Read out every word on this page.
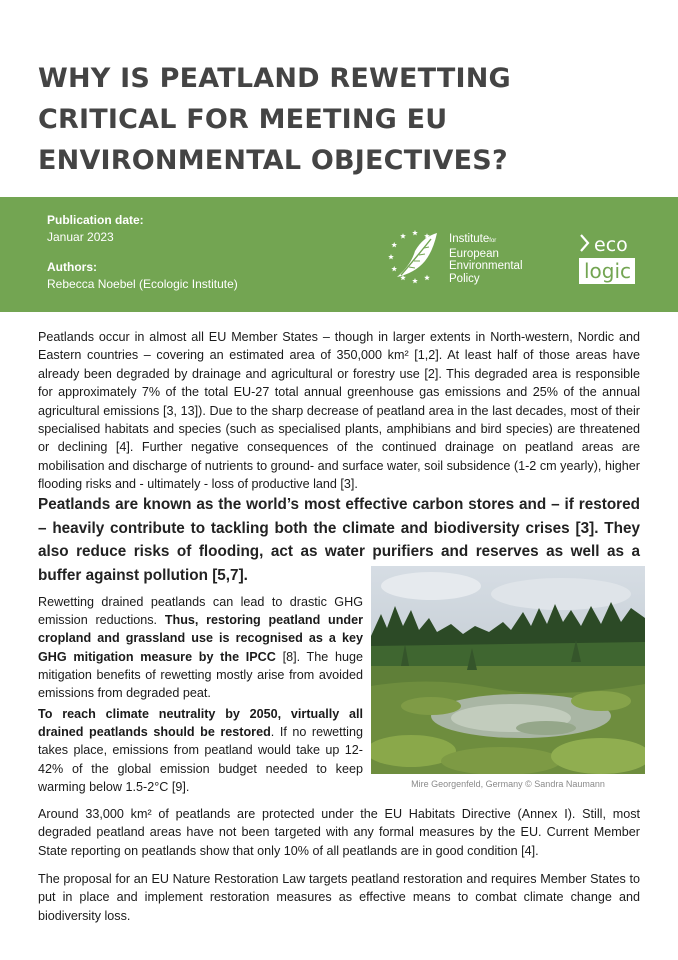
WHY IS PEATLAND REWETTING CRITICAL FOR MEETING EU ENVIRONMENTAL OBJECTIVES?
Publication date:
Januar 2023
Authors:
Rebecca Noebel (Ecologic Institute)
Institutefor
European
Environmental
Policy
eco
logic

Peatlands occur in almost all EU Member States – though in larger extents in North-western, Nordic and Eastern countries – covering an estimated area of 350,000 km² [1,2]. At least half of those areas have already been degraded by drainage and agricultural or forestry use [2]. This degraded area is responsible for approximately 7% of the total EU-27 total annual greenhouse gas emissions and 25% of the annual agricultural emissions [3, 13]). Due to the sharp decrease of peatland area in the last decades, most of their specialised habitats and species (such as specialised plants, amphibians and bird species) are threatened or declining [4]. Further negative consequences of the continued drainage on peatland areas are mobilisation and discharge of nutrients to ground- and surface water, soil subsidence (1-2 cm yearly), higher flooding risks and - ultimately - loss of productive land [3].

Peatlands are known as the world’s most effective carbon stores and – if restored – heavily contribute to tackling both the climate and biodiversity crises [3]. They also reduce risks of flooding, act as water purifiers and reserves as well as a buffer against pollution [5,7].

Rewetting drained peatlands can lead to drastic GHG emission reductions. Thus, restoring peatland under cropland and grassland use is recognised as a key GHG mitigation measure by the IPCC [8]. The huge mitigation benefits of rewetting mostly arise from avoided emissions from degraded peat.

To reach climate neutrality by 2050, virtually all drained peatlands should be restored. If no rewetting takes place, emissions from peatland would take up 12-42% of the global emission budget needed to keep warming below 1.5-2°C [9].	Mire Georgenfeld, Germany © Sandra Naumann

Around 33,000 km² of peatlands are protected under the EU Habitats Directive (Annex I). Still, most degraded peatland areas have not been targeted with any formal measures by the EU. Current Member State reporting on peatlands show that only 10% of all peatlands are in good condition [4].

The proposal for an EU Nature Restoration Law targets peatland restoration and requires Member States to put in place and implement restoration measures as effective means to combat climate change and biodiversity loss.
